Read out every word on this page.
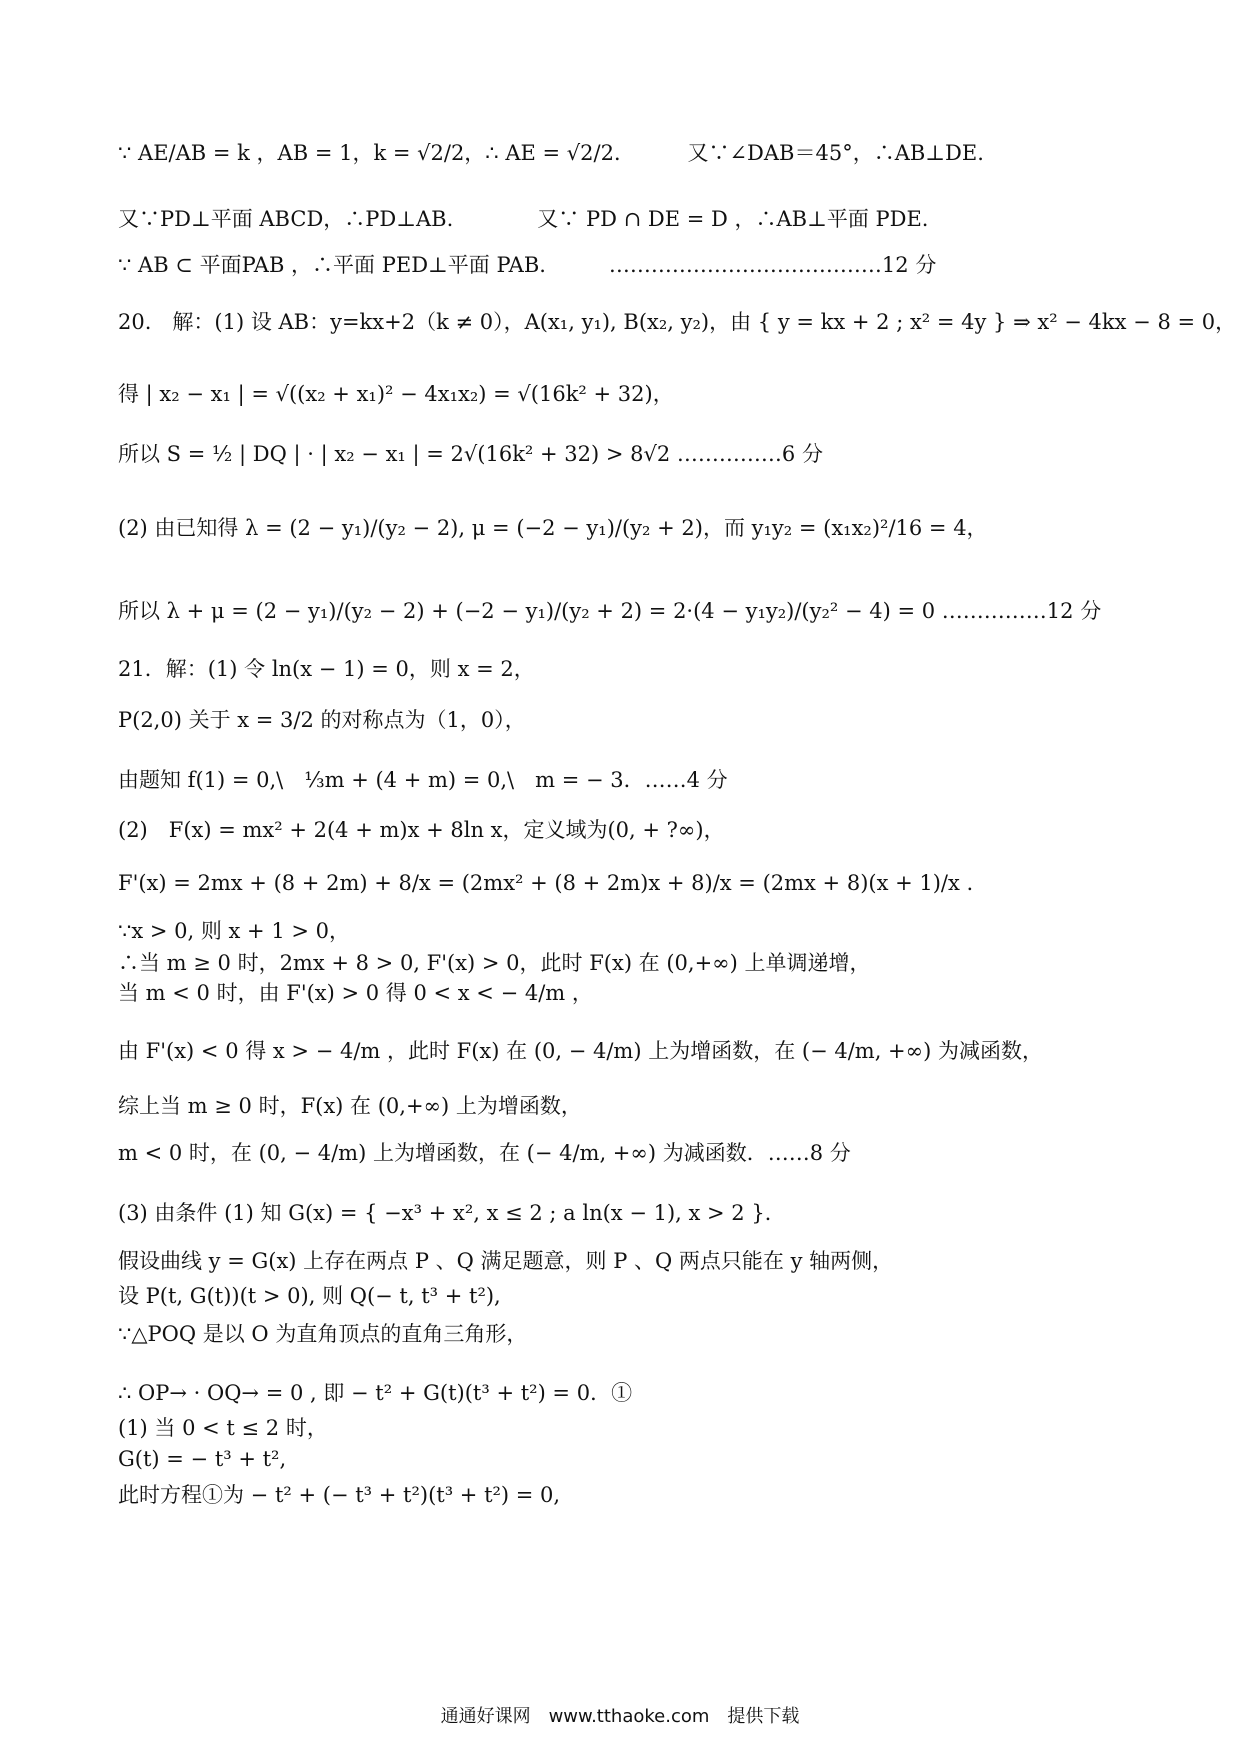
∵ AE/AB = k ，AB = 1，k = √2/2，∴ AE = √2/2．　　　又∵∠DAB＝45°，∴AB⊥DE.
又∵PD⊥平面 ABCD，∴PD⊥AB.　　　　又∵ PD ∩ DE = D ，∴AB⊥平面 PDE.
∵ AB ⊂ 平面PAB ，∴平面 PED⊥平面 PAB.　　　…………………………………12 分
20.　解：(1) 设 AB：y=kx+2（k ≠ 0），A(x₁, y₁), B(x₂, y₂)，由 { y = kx + 2 ; x² = 4y } ⇒ x² − 4kx − 8 = 0，
得 | x₂ − x₁ | = √((x₂ + x₁)² − 4x₁x₂) = √(16k² + 32)，
所以 S = ½ | DQ | · | x₂ − x₁ | = 2√(16k² + 32) > 8√2 ……………6 分
(2) 由已知得 λ = (2 − y₁)/(y₂ − 2), μ = (−2 − y₁)/(y₂ + 2)，而 y₁y₂ = (x₁x₂)²/16 = 4，
所以 λ + μ = (2 − y₁)/(y₂ − 2) + (−2 − y₁)/(y₂ + 2) = 2·(4 − y₁y₂)/(y₂² − 4) = 0 ……………12 分
21．解：(1) 令 ln(x − 1) = 0，则 x = 2，
P(2,0) 关于 x = 3/2 的对称点为（1，0），
由题知 f(1) = 0,\　⅓m + (4 + m) = 0,\　m = − 3．……4 分
(2)　F(x) = mx² + 2(4 + m)x + 8ln x，定义域为(0, + ?∞)，
F'(x) = 2mx + (8 + 2m) + 8/x = (2mx² + (8 + 2m)x + 8)/x = (2mx + 8)(x + 1)/x .
∵x > 0, 则 x + 1 > 0，
∴当 m ≥ 0 时，2mx + 8 > 0, F'(x) > 0，此时 F(x) 在 (0,+∞) 上单调递增，
当 m < 0 时，由 F'(x) > 0 得 0 < x < − 4/m ，
由 F'(x) < 0 得 x > − 4/m ，此时 F(x) 在 (0, − 4/m) 上为增函数，在 (− 4/m, +∞) 为减函数，
综上当 m ≥ 0 时，F(x) 在 (0,+∞) 上为增函数，
m < 0 时，在 (0, − 4/m) 上为增函数，在 (− 4/m, +∞) 为减函数．……8 分
(3) 由条件 (1) 知 G(x) = { −x³ + x², x ≤ 2 ; a ln(x − 1), x > 2 }.
假设曲线 y = G(x) 上存在两点 P 、Q 满足题意，则 P 、Q 两点只能在 y 轴两侧，
设 P(t, G(t))(t > 0), 则 Q(− t, t³ + t²),
∵△POQ 是以 O 为直角顶点的直角三角形，
∴ OP→ · OQ→ = 0 , 即 − t² + G(t)(t³ + t²) = 0．①
(1) 当 0 < t ≤ 2 时，
G(t) = − t³ + t²,
此时方程①为 − t² + (− t³ + t²)(t³ + t²) = 0,
通通好课网　www.tthaoke.com　提供下载
